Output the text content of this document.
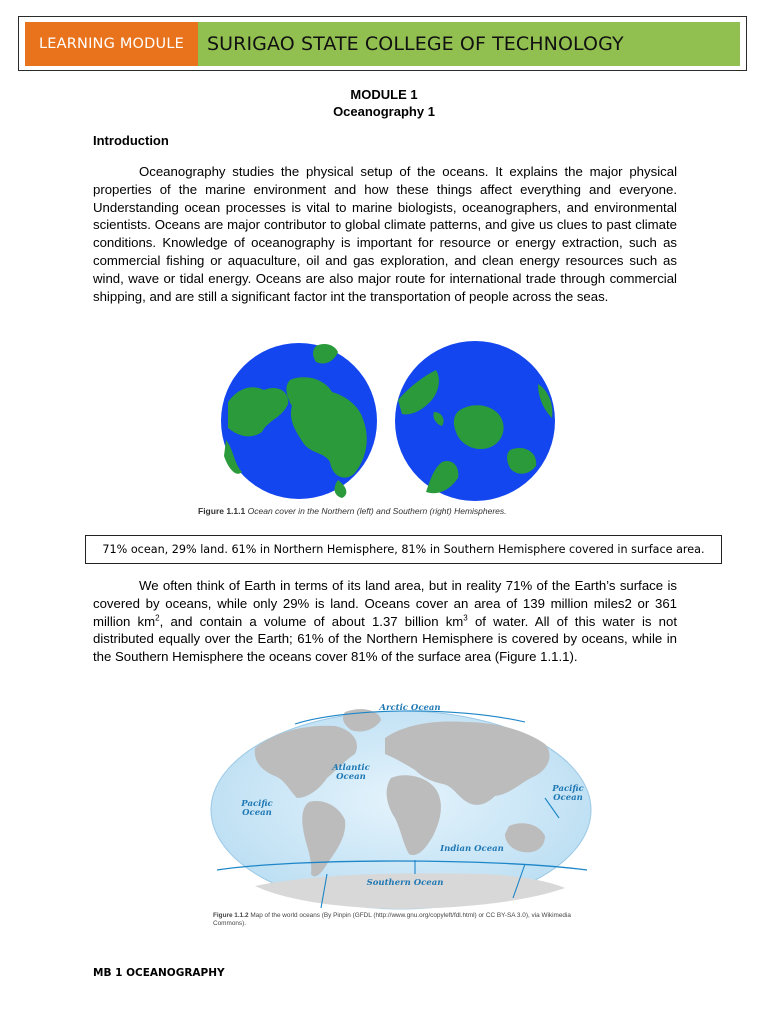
LEARNING MODULE	SURIGAO STATE COLLEGE OF TECHNOLOGY
MODULE 1
Oceanography 1
Introduction

Oceanography studies the physical setup of the oceans. It explains the major physical properties of the marine environment and how these things affect everything and everyone. Understanding ocean processes is vital to marine biologists, oceanographers, and environmental scientists. Oceans are major contributor to global climate patterns, and give us clues to past climate conditions. Knowledge of oceanography is important for resource or energy extraction, such as commercial fishing or aquaculture, oil and gas exploration, and clean energy resources such as wind, wave or tidal energy. Oceans are also major route for international trade through commercial shipping, and are still a significant factor int the transportation of people across the seas.

Figure 1.1.1 Ocean cover in the Northern (left) and Southern (right) Hemispheres.
71% ocean, 29% land. 61% in Northern Hemisphere, 81% in Southern Hemisphere covered in surface area.

We often think of Earth in terms of its land area, but in reality 71% of the Earth’s surface is covered by oceans, while only 29% is land. Oceans cover an area of 139 million miles2 or 361 million $km^2$, and contain a volume of about 1.37 billion $km^3$ of water. All of this water is not distributed equally over the Earth; 61% of the Northern Hemisphere is covered by oceans, while in the Southern Hemisphere the oceans cover 81% of the surface area (Figure 1.1.1).

Arctic Ocean
Atlantic
Ocean
Pacific
Ocean
Pacific
Ocean
Indian Ocean
Southern Ocean
Figure 1.1.2 Map of the world oceans (By Pinpin (GFDL (http://www.gnu.org/copyleft/fdl.html) or CC BY-SA 3.0), via Wikimedia Commons).
MB 1 OCEANOGRAPHY
